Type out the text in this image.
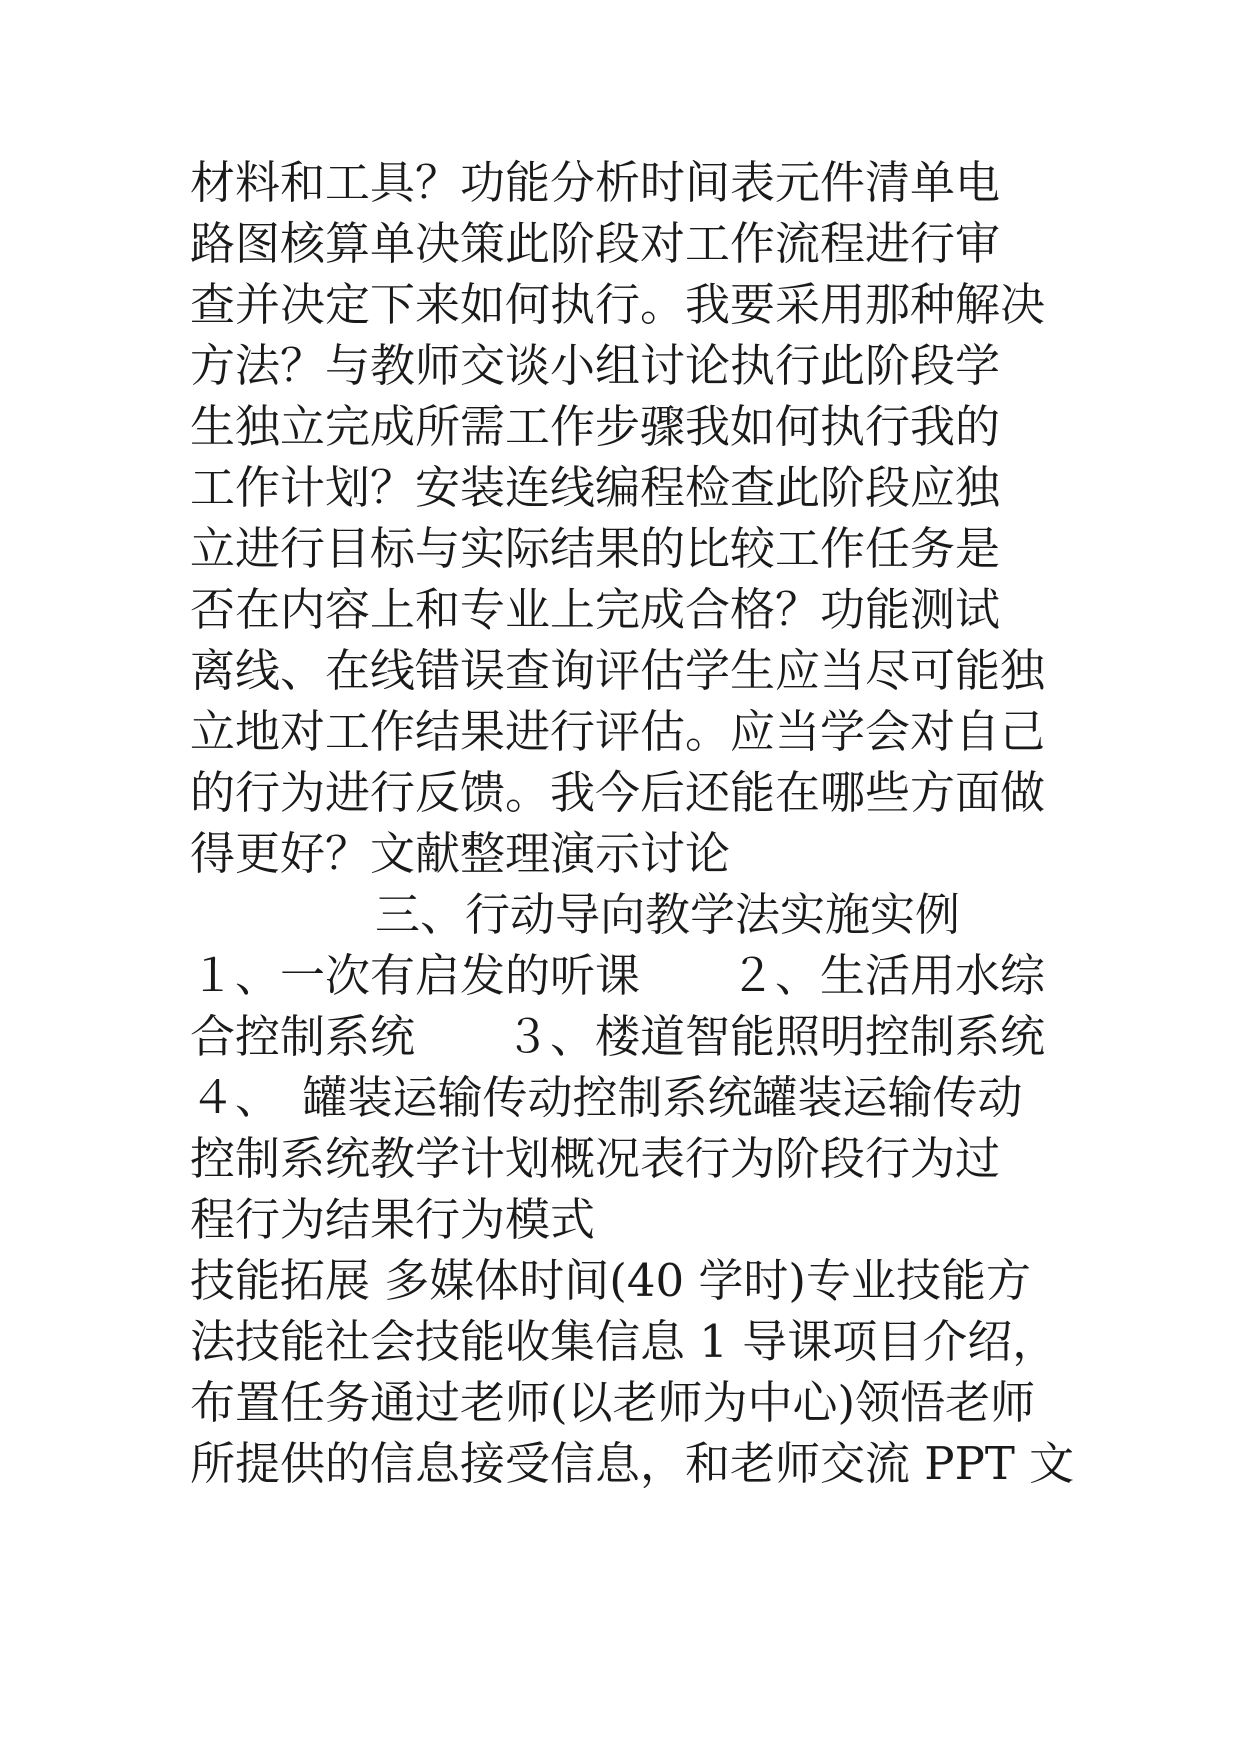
材料和工具？功能分析时间表元件清单电
路图核算单决策此阶段对工作流程进行审
查并决定下来如何执行。我要采用那种解决
方法？与教师交谈小组讨论执行此阶段学
生独立完成所需工作步骤我如何执行我的
工作计划？安装连线编程检查此阶段应独
立进行目标与实际结果的比较工作任务是
否在内容上和专业上完成合格？功能测试
离线、在线错误查询评估学生应当尽可能独
立地对工作结果进行评估。应当学会对自己
的行为进行反馈。我今后还能在哪些方面做
得更好？文献整理演示讨论
三、行动导向教学法实施实例
１、一次有启发的听课　　２、生活用水综
合控制系统　　３、楼道智能照明控制系统
４、　罐装运输传动控制系统罐装运输传动
控制系统教学计划概况表行为阶段行为过
程行为结果行为模式
技能拓展 多媒体时间(40 学时)专业技能方
法技能社会技能收集信息 1 导课项目介绍，
布置任务通过老师(以老师为中心)领悟老师
所提供的信息接受信息，和老师交流 PPT 文
